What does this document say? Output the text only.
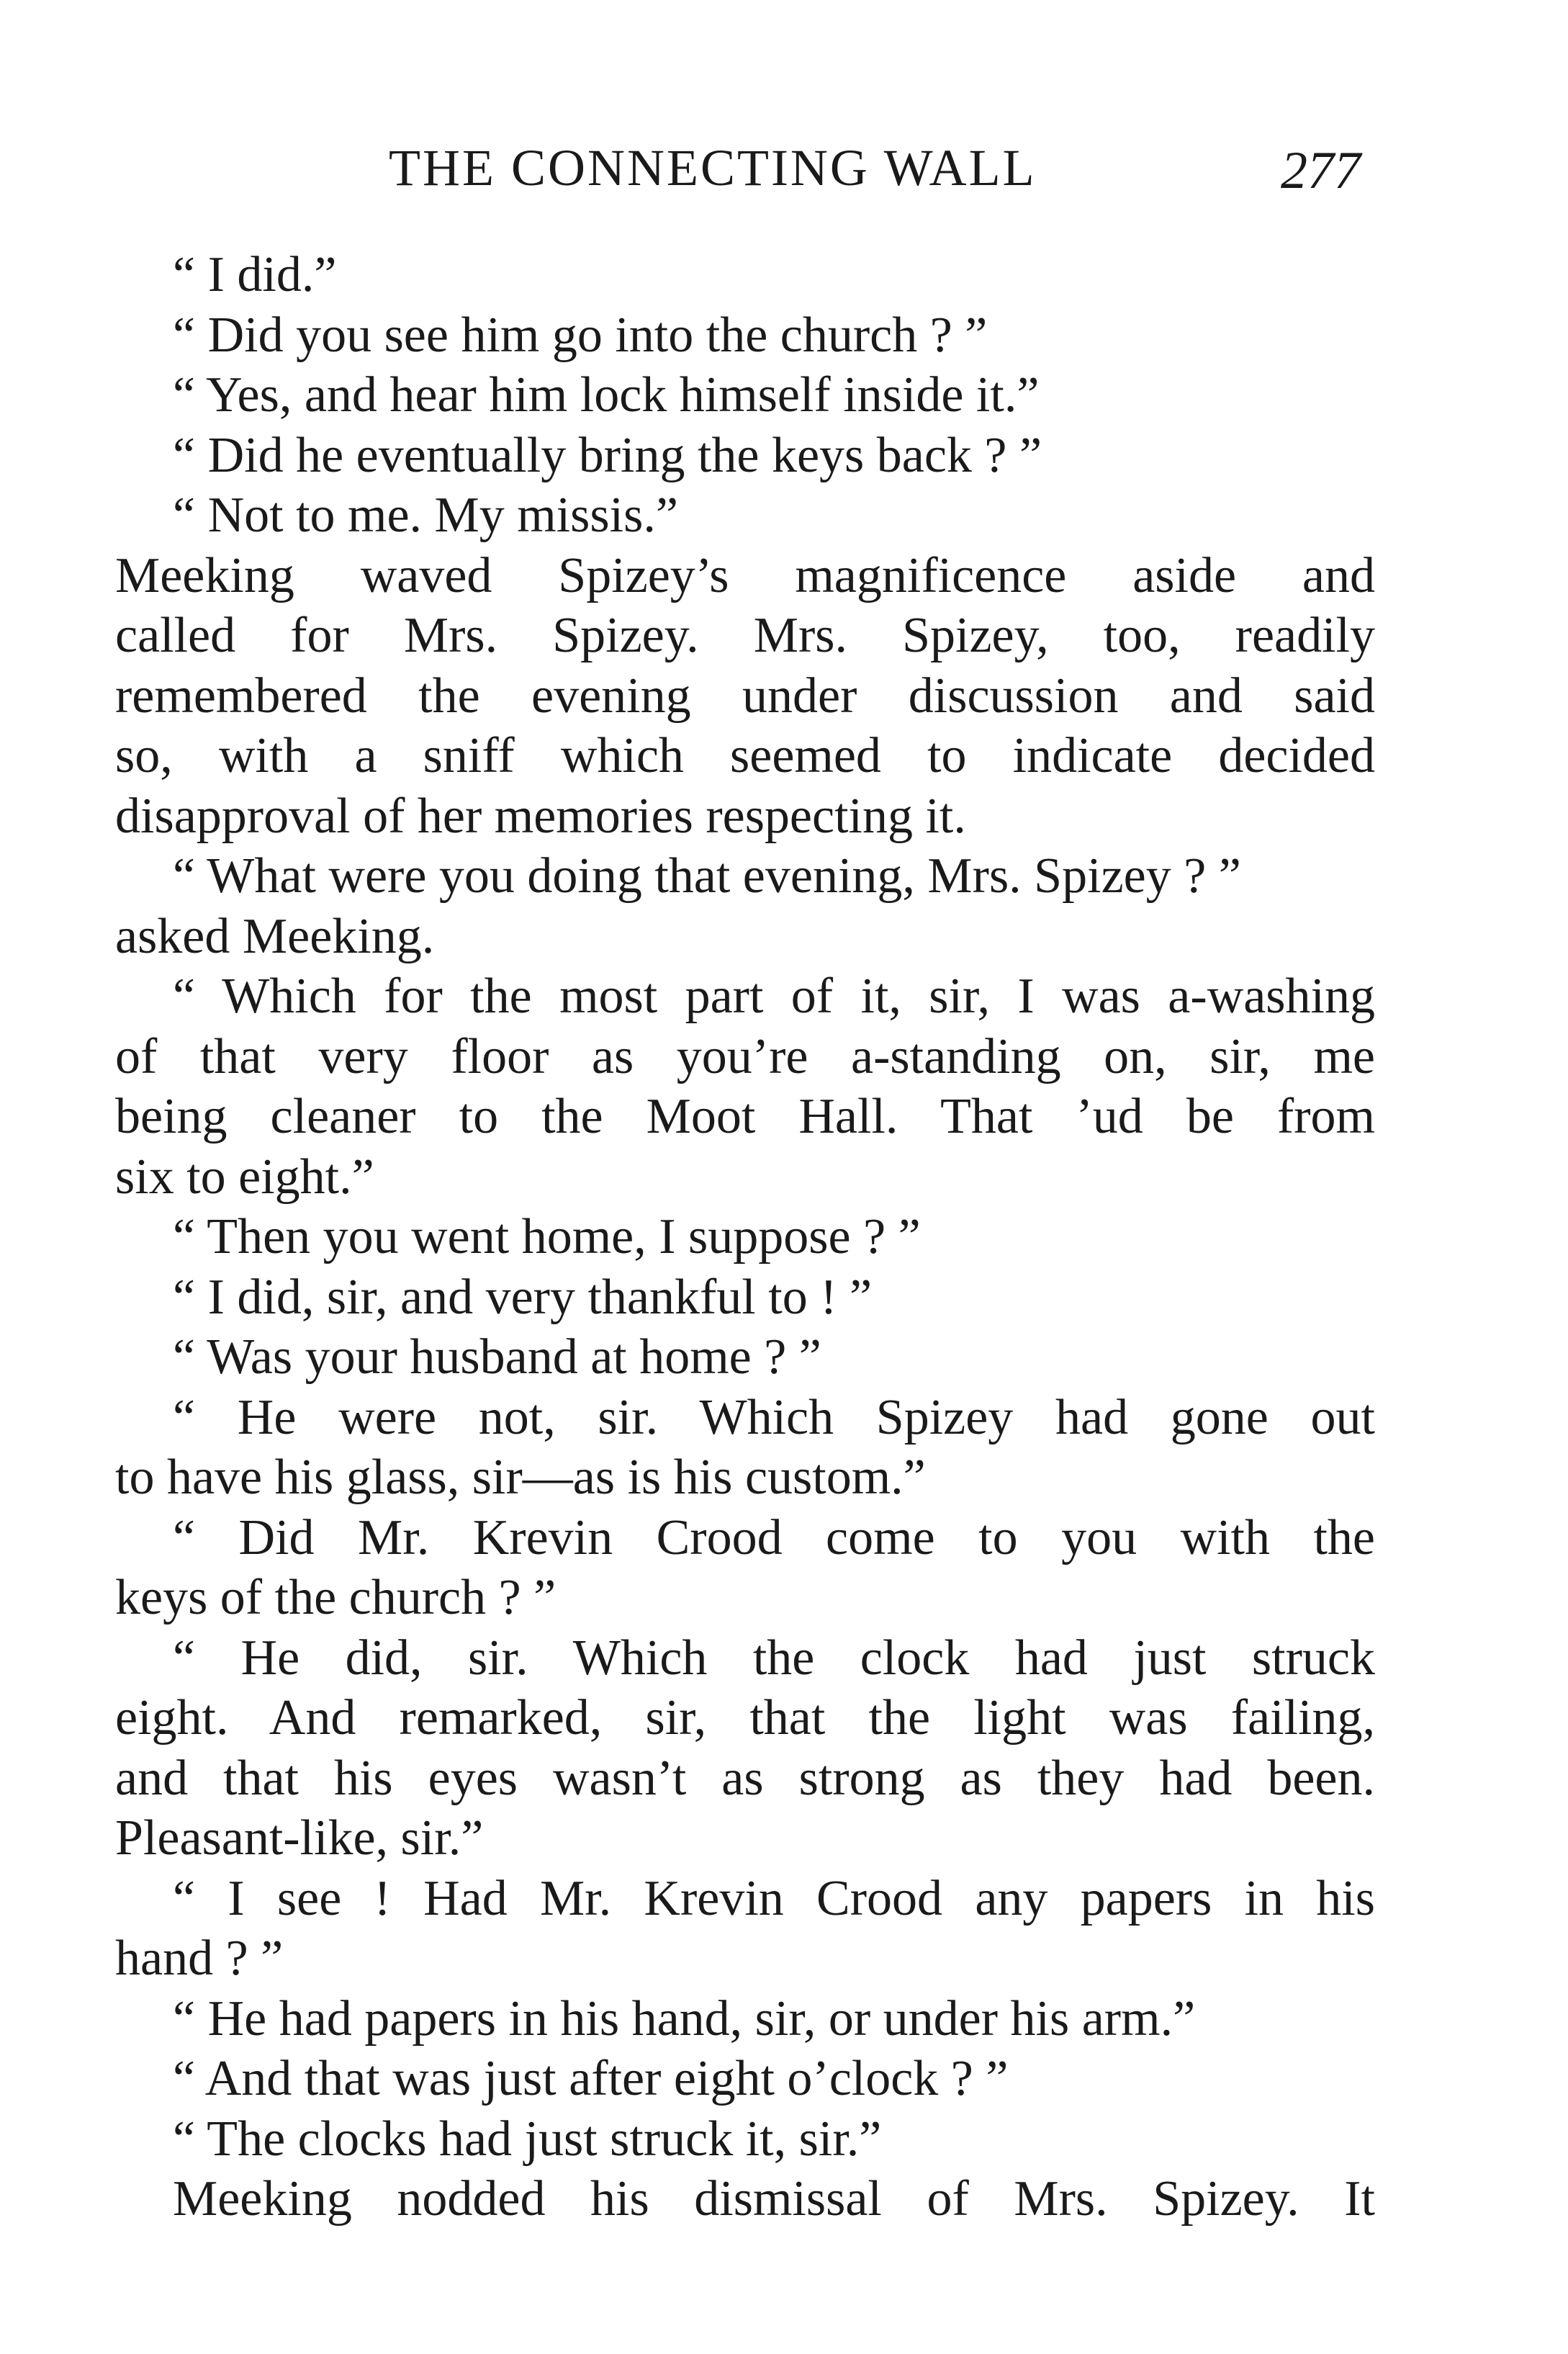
THE CONNECTING WALL	277
“ I did.”
“ Did you see him go into the church ? ”
“ Yes, and hear him lock himself inside it.”
“ Did he eventually bring the keys back ? ”
“ Not to me. My missis.”
Meeking waved Spizey’s magnificence aside and
called for Mrs. Spizey. Mrs. Spizey, too, readily
remembered the evening under discussion and said
so, with a sniff which seemed to indicate decided
disapproval of her memories respecting it.
“ What were you doing that evening, Mrs. Spizey ? ”
asked Meeking.
“ Which for the most part of it, sir, I was a-washing
of that very floor as you’re a-standing on, sir, me
being cleaner to the Moot Hall. That ’ud be from
six to eight.”
“ Then you went home, I suppose ? ”
“ I did, sir, and very thankful to ! ”
“ Was your husband at home ? ”
“ He were not, sir. Which Spizey had gone out
to have his glass, sir—as is his custom.”
“ Did Mr. Krevin Crood come to you with the
keys of the church ? ”
“ He did, sir. Which the clock had just struck
eight. And remarked, sir, that the light was failing,
and that his eyes wasn’t as strong as they had been.
Pleasant-like, sir.”
“ I see ! Had Mr. Krevin Crood any papers in his
hand ? ”
“ He had papers in his hand, sir, or under his arm.”
“ And that was just after eight o’clock ? ”
“ The clocks had just struck it, sir.”
Meeking nodded his dismissal of Mrs. Spizey. It
